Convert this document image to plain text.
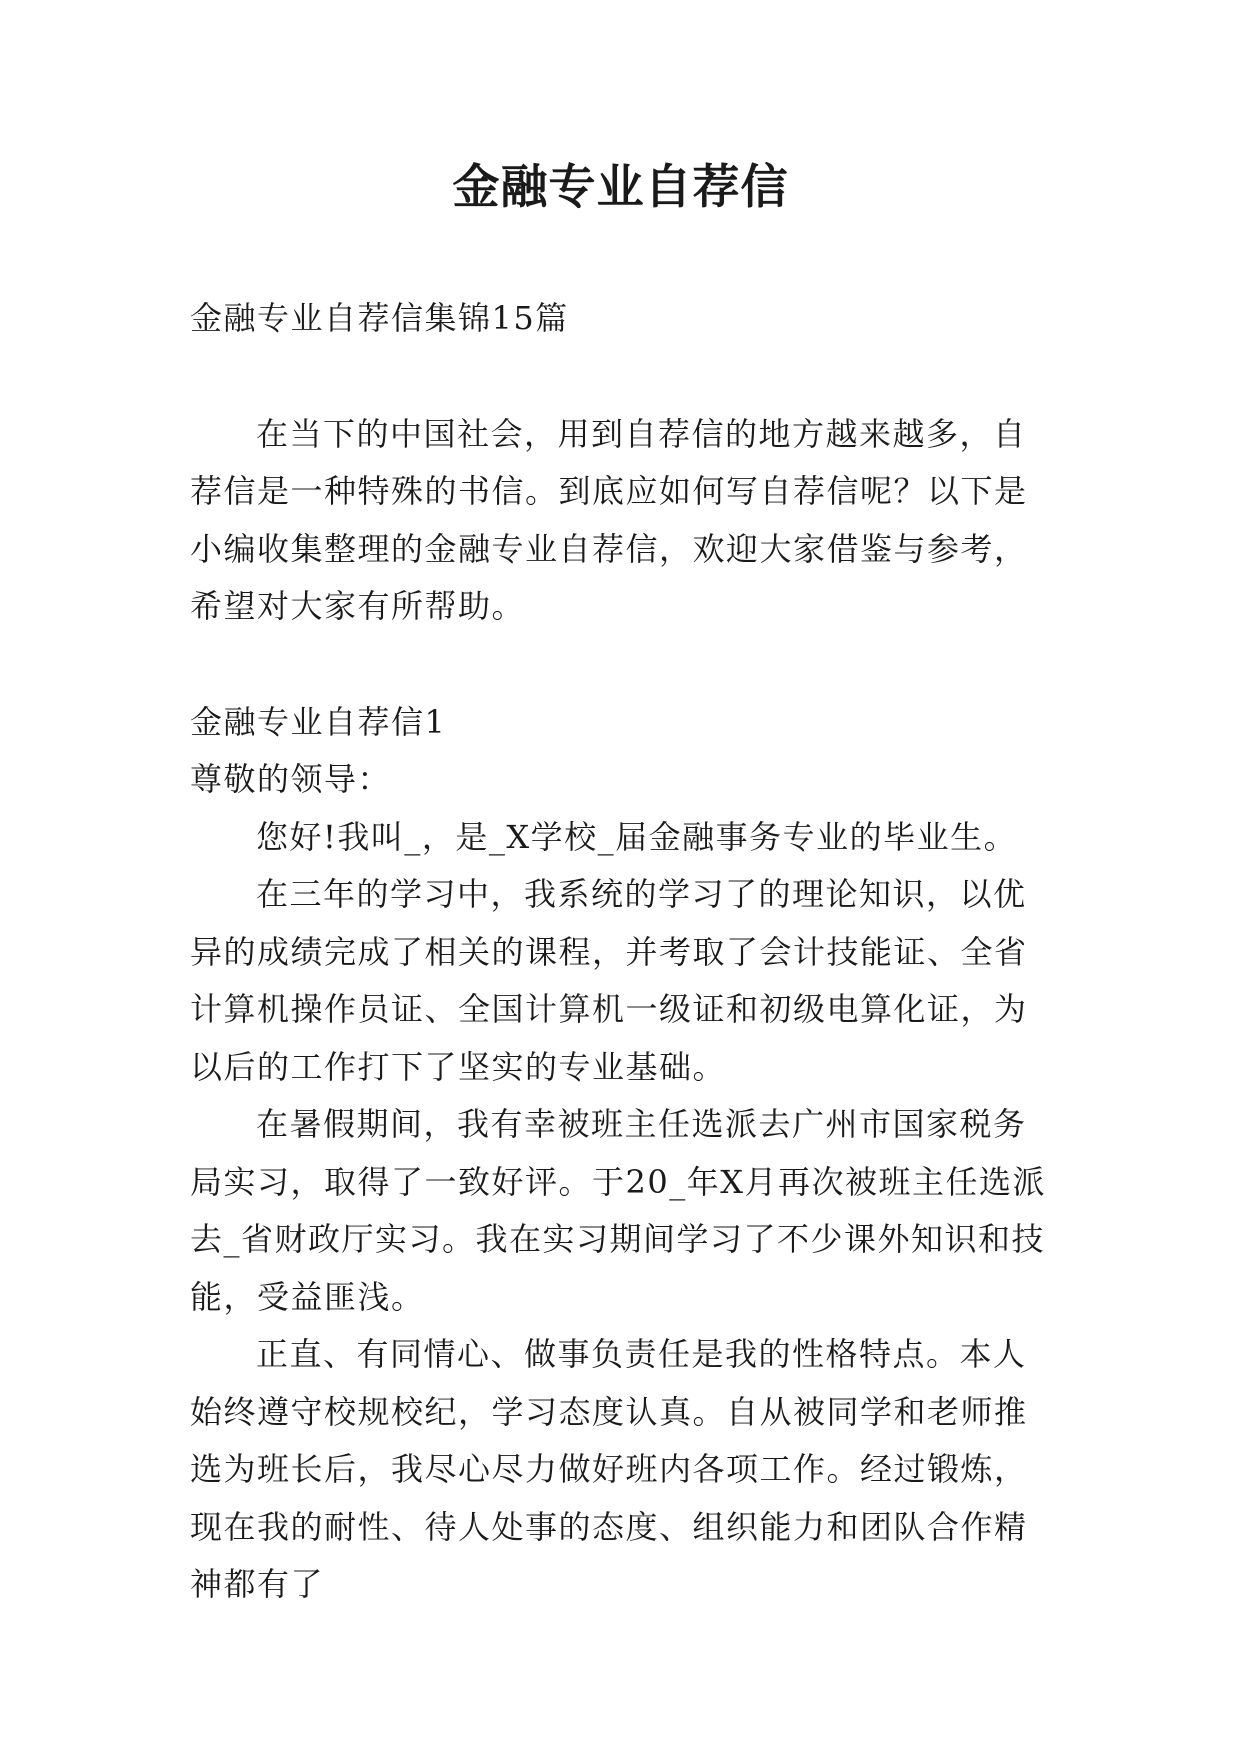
金融专业自荐信

金融专业自荐信集锦15篇

在当下的中国社会，用到自荐信的地方越来越多，自荐信是一种特殊的书信。到底应如何写自荐信呢？以下是小编收集整理的金融专业自荐信，欢迎大家借鉴与参考，希望对大家有所帮助。

金融专业自荐信1

尊敬的领导：

您好!我叫_，是_X学校_届金融事务专业的毕业生。

在三年的学习中，我系统的学习了的理论知识，以优异的成绩完成了相关的课程，并考取了会计技能证、全省计算机操作员证、全国计算机一级证和初级电算化证，为以后的工作打下了坚实的专业基础。

在暑假期间，我有幸被班主任选派去广州市国家税务局实习，取得了一致好评。于20_年X月再次被班主任选派去_省财政厅实习。我在实习期间学习了不少课外知识和技能，受益匪浅。

正直、有同情心、做事负责任是我的性格特点。本人始终遵守校规校纪，学习态度认真。自从被同学和老师推选为班长后，我尽心尽力做好班内各项工作。经过锻炼，现在我的耐性、待人处事的态度、组织能力和团队合作精神都有了
